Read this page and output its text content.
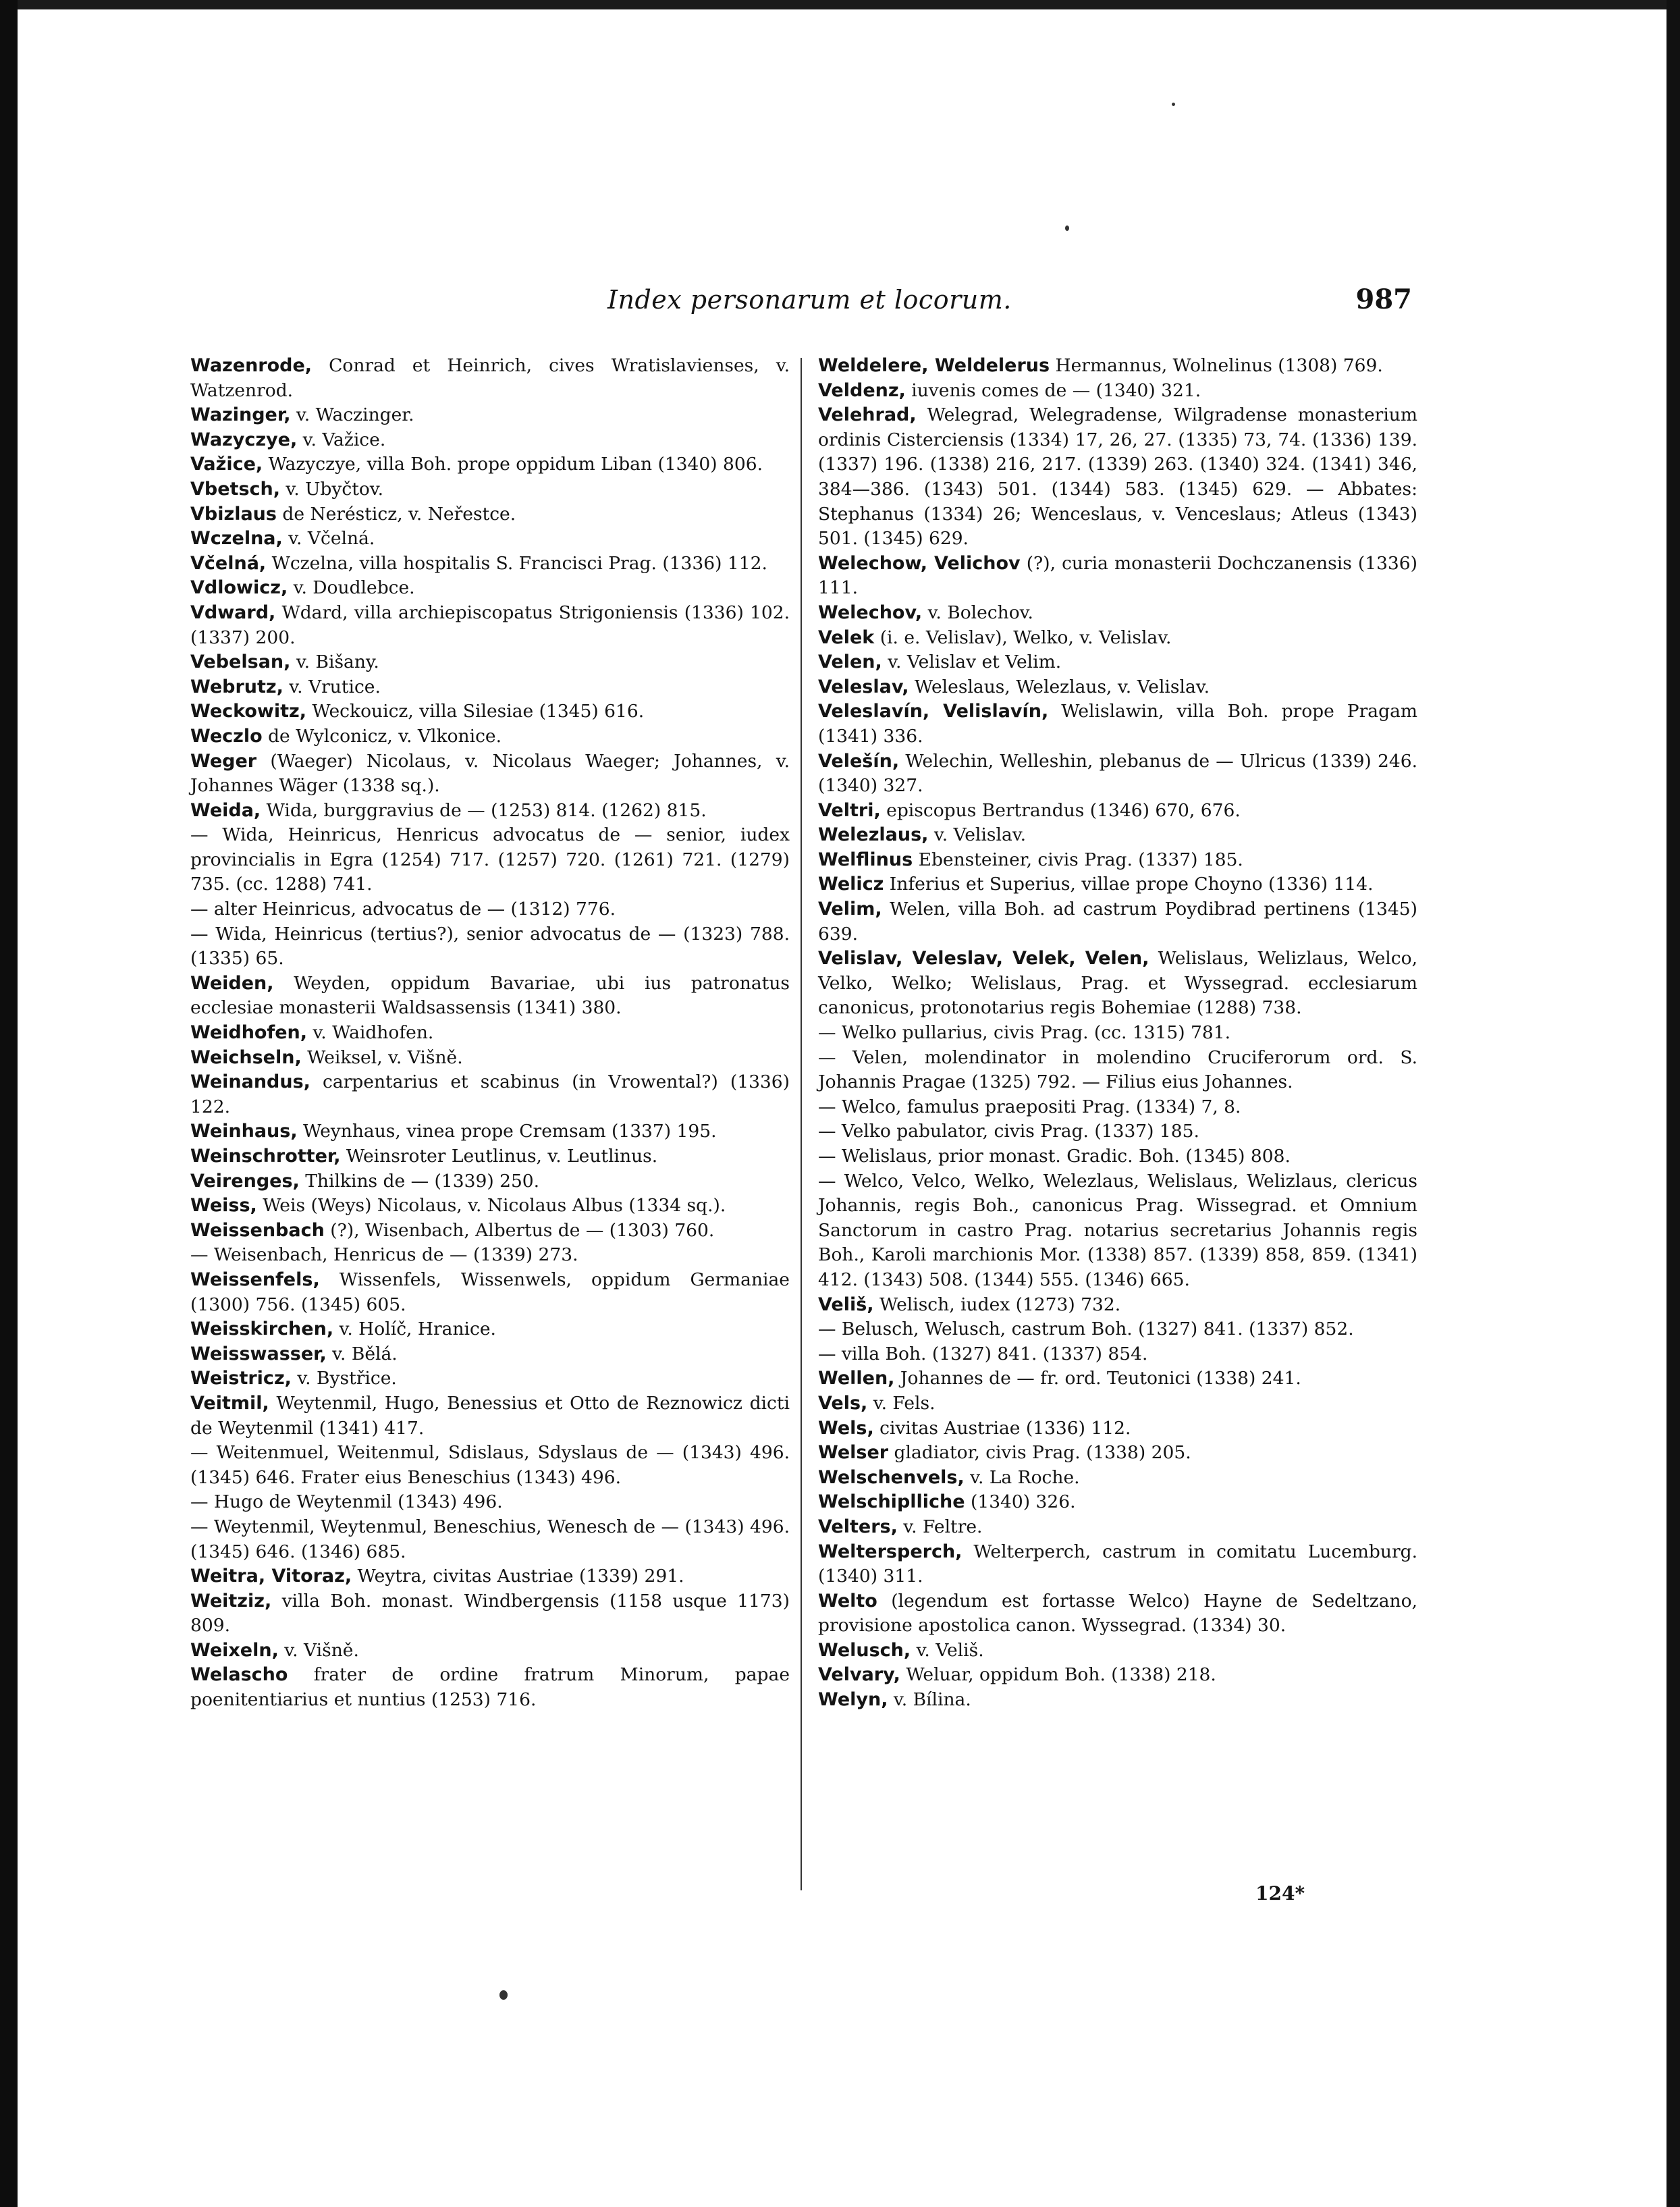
Index personarum et locorum.	987

Wazenrode, Conrad et Heinrich, cives Wratislavienses, v. Watzenrod.

Wazinger, v. Waczinger.

Wazyczye, v. Važice.

Važice, Wazyczye, villa Boh. prope oppidum Liban (1340) 806.

Vbetsch, v. Ubyčtov.

Vbizlaus de Nerésticz, v. Neřestce.

Wczelna, v. Včelná.

Včelná, Wczelna, villa hospitalis S. Francisci Prag. (1336) 112.

Vdlowicz, v. Doudlebce.

Vdward, Wdard, villa archiepiscopatus Strigoniensis (1336) 102. (1337) 200.

Vebelsan, v. Bišany.

Webrutz, v. Vrutice.

Weckowitz, Weckouicz, villa Silesiae (1345) 616.

Weczlo de Wylconicz, v. Vlkonice.

Weger (Waeger) Nicolaus, v. Nicolaus Waeger; Johannes, v. Johannes Wäger (1338 sq.).

Weida, Wida, burggravius de — (1253) 814. (1262) 815.

— Wida, Heinricus, Henricus advocatus de — senior, iudex provincialis in Egra (1254) 717. (1257) 720. (1261) 721. (1279) 735. (cc. 1288) 741.

— alter Heinricus, advocatus de — (1312) 776.

— Wida, Heinricus (tertius?), senior advocatus de — (1323) 788. (1335) 65.

Weiden, Weyden, oppidum Bavariae, ubi ius patronatus ecclesiae monasterii Waldsassensis (1341) 380.

Weidhofen, v. Waidhofen.

Weichseln, Weiksel, v. Višně.

Weinandus, carpentarius et scabinus (in Vrowental?) (1336) 122.

Weinhaus, Weynhaus, vinea prope Cremsam (1337) 195.

Weinschrotter, Weinsroter Leutlinus, v. Leutlinus.

Veirenges, Thilkins de — (1339) 250.

Weiss, Weis (Weys) Nicolaus, v. Nicolaus Albus (1334 sq.).

Weissenbach (?), Wisenbach, Albertus de — (1303) 760.

— Weisenbach, Henricus de — (1339) 273.

Weissenfels, Wissenfels, Wissenwels, oppidum Germaniae (1300) 756. (1345) 605.

Weisskirchen, v. Holíč, Hranice.

Weisswasser, v. Bělá.

Weistricz, v. Bystřice.

Veitmil, Weytenmil, Hugo, Benessius et Otto de Reznowicz dicti de Weytenmil (1341) 417.

— Weitenmuel, Weitenmul, Sdislaus, Sdyslaus de — (1343) 496. (1345) 646. Frater eius Beneschius (1343) 496.

— Hugo de Weytenmil (1343) 496.

— Weytenmil, Weytenmul, Beneschius, Wenesch de — (1343) 496. (1345) 646. (1346) 685.

Weitra, Vitoraz, Weytra, civitas Austriae (1339) 291.

Weitziz, villa Boh. monast. Windbergensis (1158 usque 1173) 809.

Weixeln, v. Višně.

Welascho frater de ordine fratrum Minorum, papae poenitentiarius et nuntius (1253) 716.

Weldelere, Weldelerus Hermannus, Wolnelinus (1308) 769.

Veldenz, iuvenis comes de — (1340) 321.

Velehrad, Welegrad, Welegradense, Wilgradense monasterium ordinis Cisterciensis (1334) 17, 26, 27. (1335) 73, 74. (1336) 139. (1337) 196. (1338) 216, 217. (1339) 263. (1340) 324. (1341) 346, 384—386. (1343) 501. (1344) 583. (1345) 629. — Abbates: Stephanus (1334) 26; Wenceslaus, v. Venceslaus; Atleus (1343) 501. (1345) 629.

Welechow, Velichov (?), curia monasterii Dochczanensis (1336) 111.

Welechov, v. Bolechov.

Velek (i. e. Velislav), Welko, v. Velislav.

Velen, v. Velislav et Velim.

Veleslav, Weleslaus, Welezlaus, v. Velislav.

Veleslavín, Velislavín, Welislawin, villa Boh. prope Pragam (1341) 336.

Velešín, Welechin, Welleshin, plebanus de — Ulricus (1339) 246. (1340) 327.

Veltri, episcopus Bertrandus (1346) 670, 676.

Welezlaus, v. Velislav.

Welflinus Ebensteiner, civis Prag. (1337) 185.

Welicz Inferius et Superius, villae prope Choyno (1336) 114.

Velim, Welen, villa Boh. ad castrum Poydibrad pertinens (1345) 639.

Velislav, Veleslav, Velek, Velen, Welislaus, Welizlaus, Welco, Velko, Welko; Welislaus, Prag. et Wyssegrad. ecclesiarum canonicus, protonotarius regis Bohemiae (1288) 738.

— Welko pullarius, civis Prag. (cc. 1315) 781.

— Velen, molendinator in molendino Cruciferorum ord. S. Johannis Pragae (1325) 792. — Filius eius Johannes.

— Welco, famulus praepositi Prag. (1334) 7, 8.

— Velko pabulator, civis Prag. (1337) 185.

— Welislaus, prior monast. Gradic. Boh. (1345) 808.

— Welco, Velco, Welko, Welezlaus, Welislaus, Welizlaus, clericus Johannis, regis Boh., canonicus Prag. Wissegrad. et Omnium Sanctorum in castro Prag. notarius secretarius Johannis regis Boh., Karoli marchionis Mor. (1338) 857. (1339) 858, 859. (1341) 412. (1343) 508. (1344) 555. (1346) 665.

Veliš, Welisch, iudex (1273) 732.

— Belusch, Welusch, castrum Boh. (1327) 841. (1337) 852.

— villa Boh. (1327) 841. (1337) 854.

Wellen, Johannes de — fr. ord. Teutonici (1338) 241.

Vels, v. Fels.

Wels, civitas Austriae (1336) 112.

Welser gladiator, civis Prag. (1338) 205.

Welschenvels, v. La Roche.

Welschiplliche (1340) 326.

Velters, v. Feltre.

Weltersperch, Welterperch, castrum in comitatu Lucemburg. (1340) 311.

Welto (legendum est fortasse Welco) Hayne de Sedeltzano, provisione apostolica canon. Wyssegrad. (1334) 30.

Welusch, v. Veliš.

Velvary, Weluar, oppidum Boh. (1338) 218.

Welyn, v. Bílina.

124*
